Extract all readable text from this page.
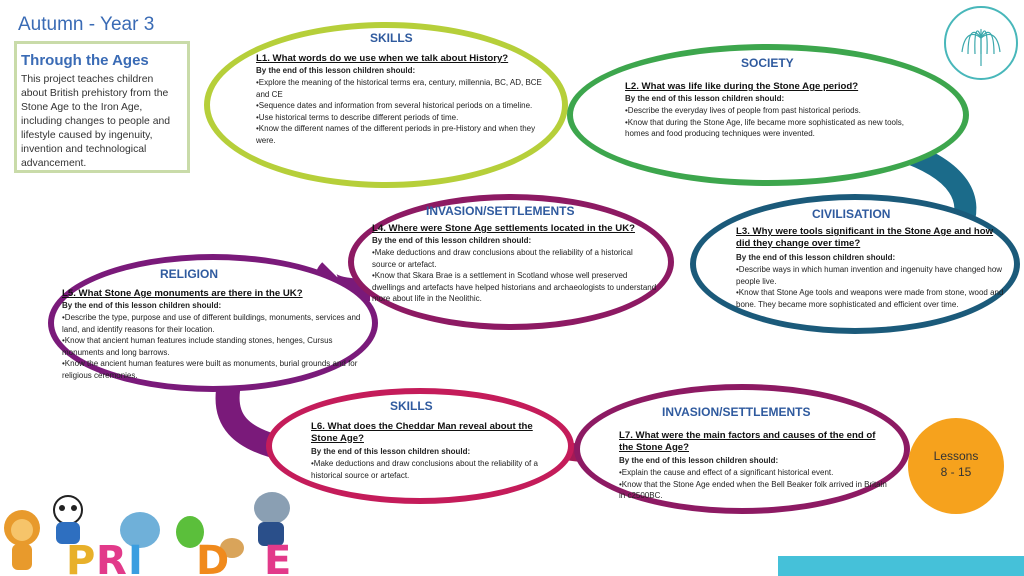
Autumn - Year 3
Through the Ages
This project teaches children about British prehistory from the Stone Age to the Iron Age, including changes to people and lifestyle caused by ingenuity, invention and technological advancement.
SKILLS
L1. What words do we use when we talk about History?
By the end of this lesson children should:
•Explore the meaning of the historical terms era, century, millennia, BC, AD, BCE and CE
•Sequence dates and information from several historical periods on a timeline.
•Use historical terms to describe different periods of time.
•Know the different names of the different periods in pre-History and when they were.
SOCIETY
L2. What was life like during the Stone Age period?
By the end of this lesson children should:
•Describe the everyday lives of people from past historical periods.
•Know that during the Stone Age, life became more sophisticated as new tools, homes and food producing techniques were invented.
INVASION/SETTLEMENTS
L4. Where were Stone Age settlements located in the UK?
By the end of this lesson children should:
•Make deductions and draw conclusions about the reliability of a historical source or artefact.
•Know that Skara Brae is a settlement in Scotland whose well preserved dwellings and artefacts have helped historians and archaeologists to understand more about life in the Neolithic.
CIVILISATION
L3. Why were tools significant in the Stone Age and how did they change over time?
By the end of this lesson children should:
•Describe ways in which human invention and ingenuity have changed how people live.
•Know that Stone Age tools and weapons were made from stone, wood and bone. They became more sophisticated and efficient over time.
RELIGION
L5. What Stone Age monuments are there in the UK?
By the end of this lesson children should:
•Describe the type, purpose and use of different buildings, monuments, services and land, and identify reasons for their location.
•Know that ancient human features include standing stones, henges, Cursus monuments and long barrows.
•Know the ancient human features were built as monuments, burial grounds and for religious ceremonies.
SKILLS
L6. What does the Cheddar Man reveal about the Stone Age?
By the end of this lesson children should:
•Make deductions and draw conclusions about the reliability of a historical source or artefact.
INVASION/SETTLEMENTS
L7. What were the main factors and causes of the end of the Stone Age?
By the end of this lesson children should:
•Explain the cause and effect of a significant historical event.
•Know that the Stone Age ended when the Bell Beaker folk arrived in Britain in c2500BC.
Lessons
8 - 15
P R I D E
